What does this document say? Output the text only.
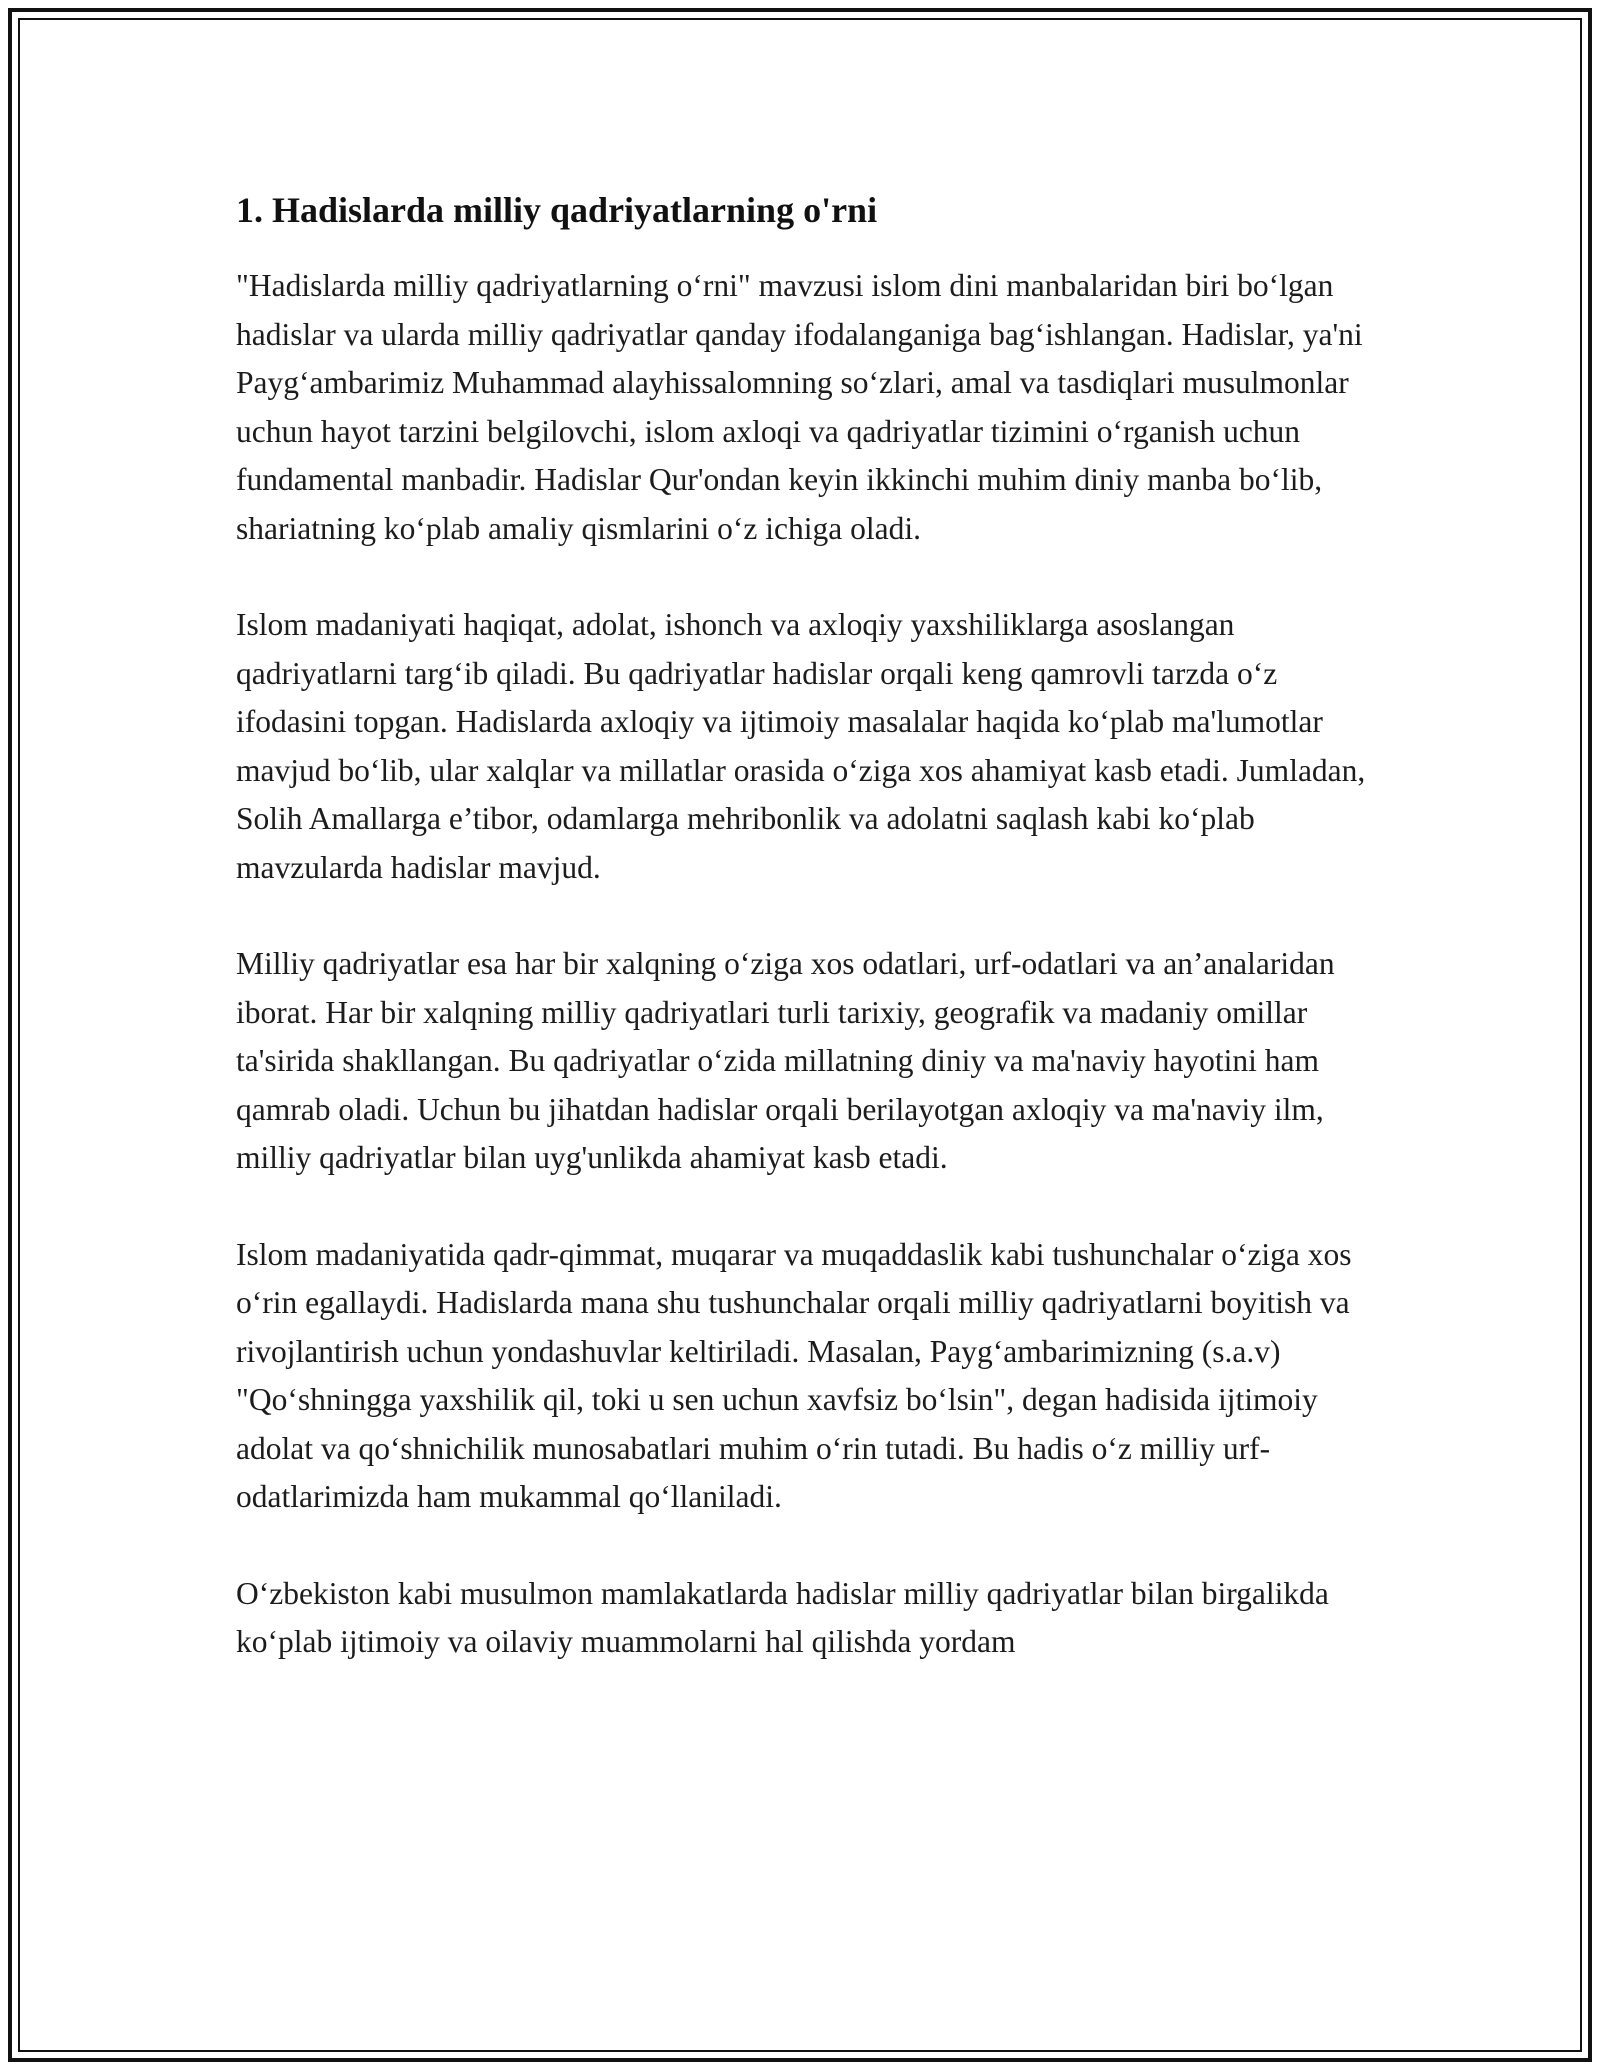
1. Hadislarda milliy qadriyatlarning o'rni

"Hadislarda milliy qadriyatlarning o‘rni" mavzusi islom dini manbalaridan biri bo‘lgan hadislar va ularda milliy qadriyatlar qanday ifodalanganiga bag‘ishlangan. Hadislar, ya'ni Payg‘ambarimiz Muhammad alayhissalomning so‘zlari, amal va tasdiqlari musulmonlar uchun hayot tarzini belgilovchi, islom axloqi va qadriyatlar tizimini o‘rganish uchun fundamental manbadir. Hadislar Qur'ondan keyin ikkinchi muhim diniy manba bo‘lib, shariatning ko‘plab amaliy qismlarini o‘z ichiga oladi.

Islom madaniyati haqiqat, adolat, ishonch va axloqiy yaxshiliklarga asoslangan qadriyatlarni targ‘ib qiladi. Bu qadriyatlar hadislar orqali keng qamrovli tarzda o‘z ifodasini topgan. Hadislarda axloqiy va ijtimoiy masalalar haqida ko‘plab ma'lumotlar mavjud bo‘lib, ular xalqlar va millatlar orasida o‘ziga xos ahamiyat kasb etadi. Jumladan, Solih Amallarga e’tibor, odamlarga mehribonlik va adolatni saqlash kabi ko‘plab mavzularda hadislar mavjud.

Milliy qadriyatlar esa har bir xalqning o‘ziga xos odatlari, urf-odatlari va an’analaridan iborat. Har bir xalqning milliy qadriyatlari turli tarixiy, geografik va madaniy omillar ta'sirida shakllangan. Bu qadriyatlar o‘zida millatning diniy va ma'naviy hayotini ham qamrab oladi. Uchun bu jihatdan hadislar orqali berilayotgan axloqiy va ma'naviy ilm, milliy qadriyatlar bilan uyg'unlikda ahamiyat kasb etadi.

Islom madaniyatida qadr-qimmat, muqarar va muqaddaslik kabi tushunchalar o‘ziga xos o‘rin egallaydi. Hadislarda mana shu tushunchalar orqali milliy qadriyatlarni boyitish va rivojlantirish uchun yondashuvlar keltiriladi. Masalan, Payg‘ambarimizning (s.a.v) "Qo‘shningga yaxshilik qil, toki u sen uchun xavfsiz bo‘lsin", degan hadisida ijtimoiy adolat va qo‘shnichilik munosabatlari muhim o‘rin tutadi. Bu hadis o‘z milliy urf-odatlarimizda ham mukammal qo‘llaniladi.

O‘zbekiston kabi musulmon mamlakatlarda hadislar milliy qadriyatlar bilan birgalikda ko‘plab ijtimoiy va oilaviy muammolarni hal qilishda yordam
